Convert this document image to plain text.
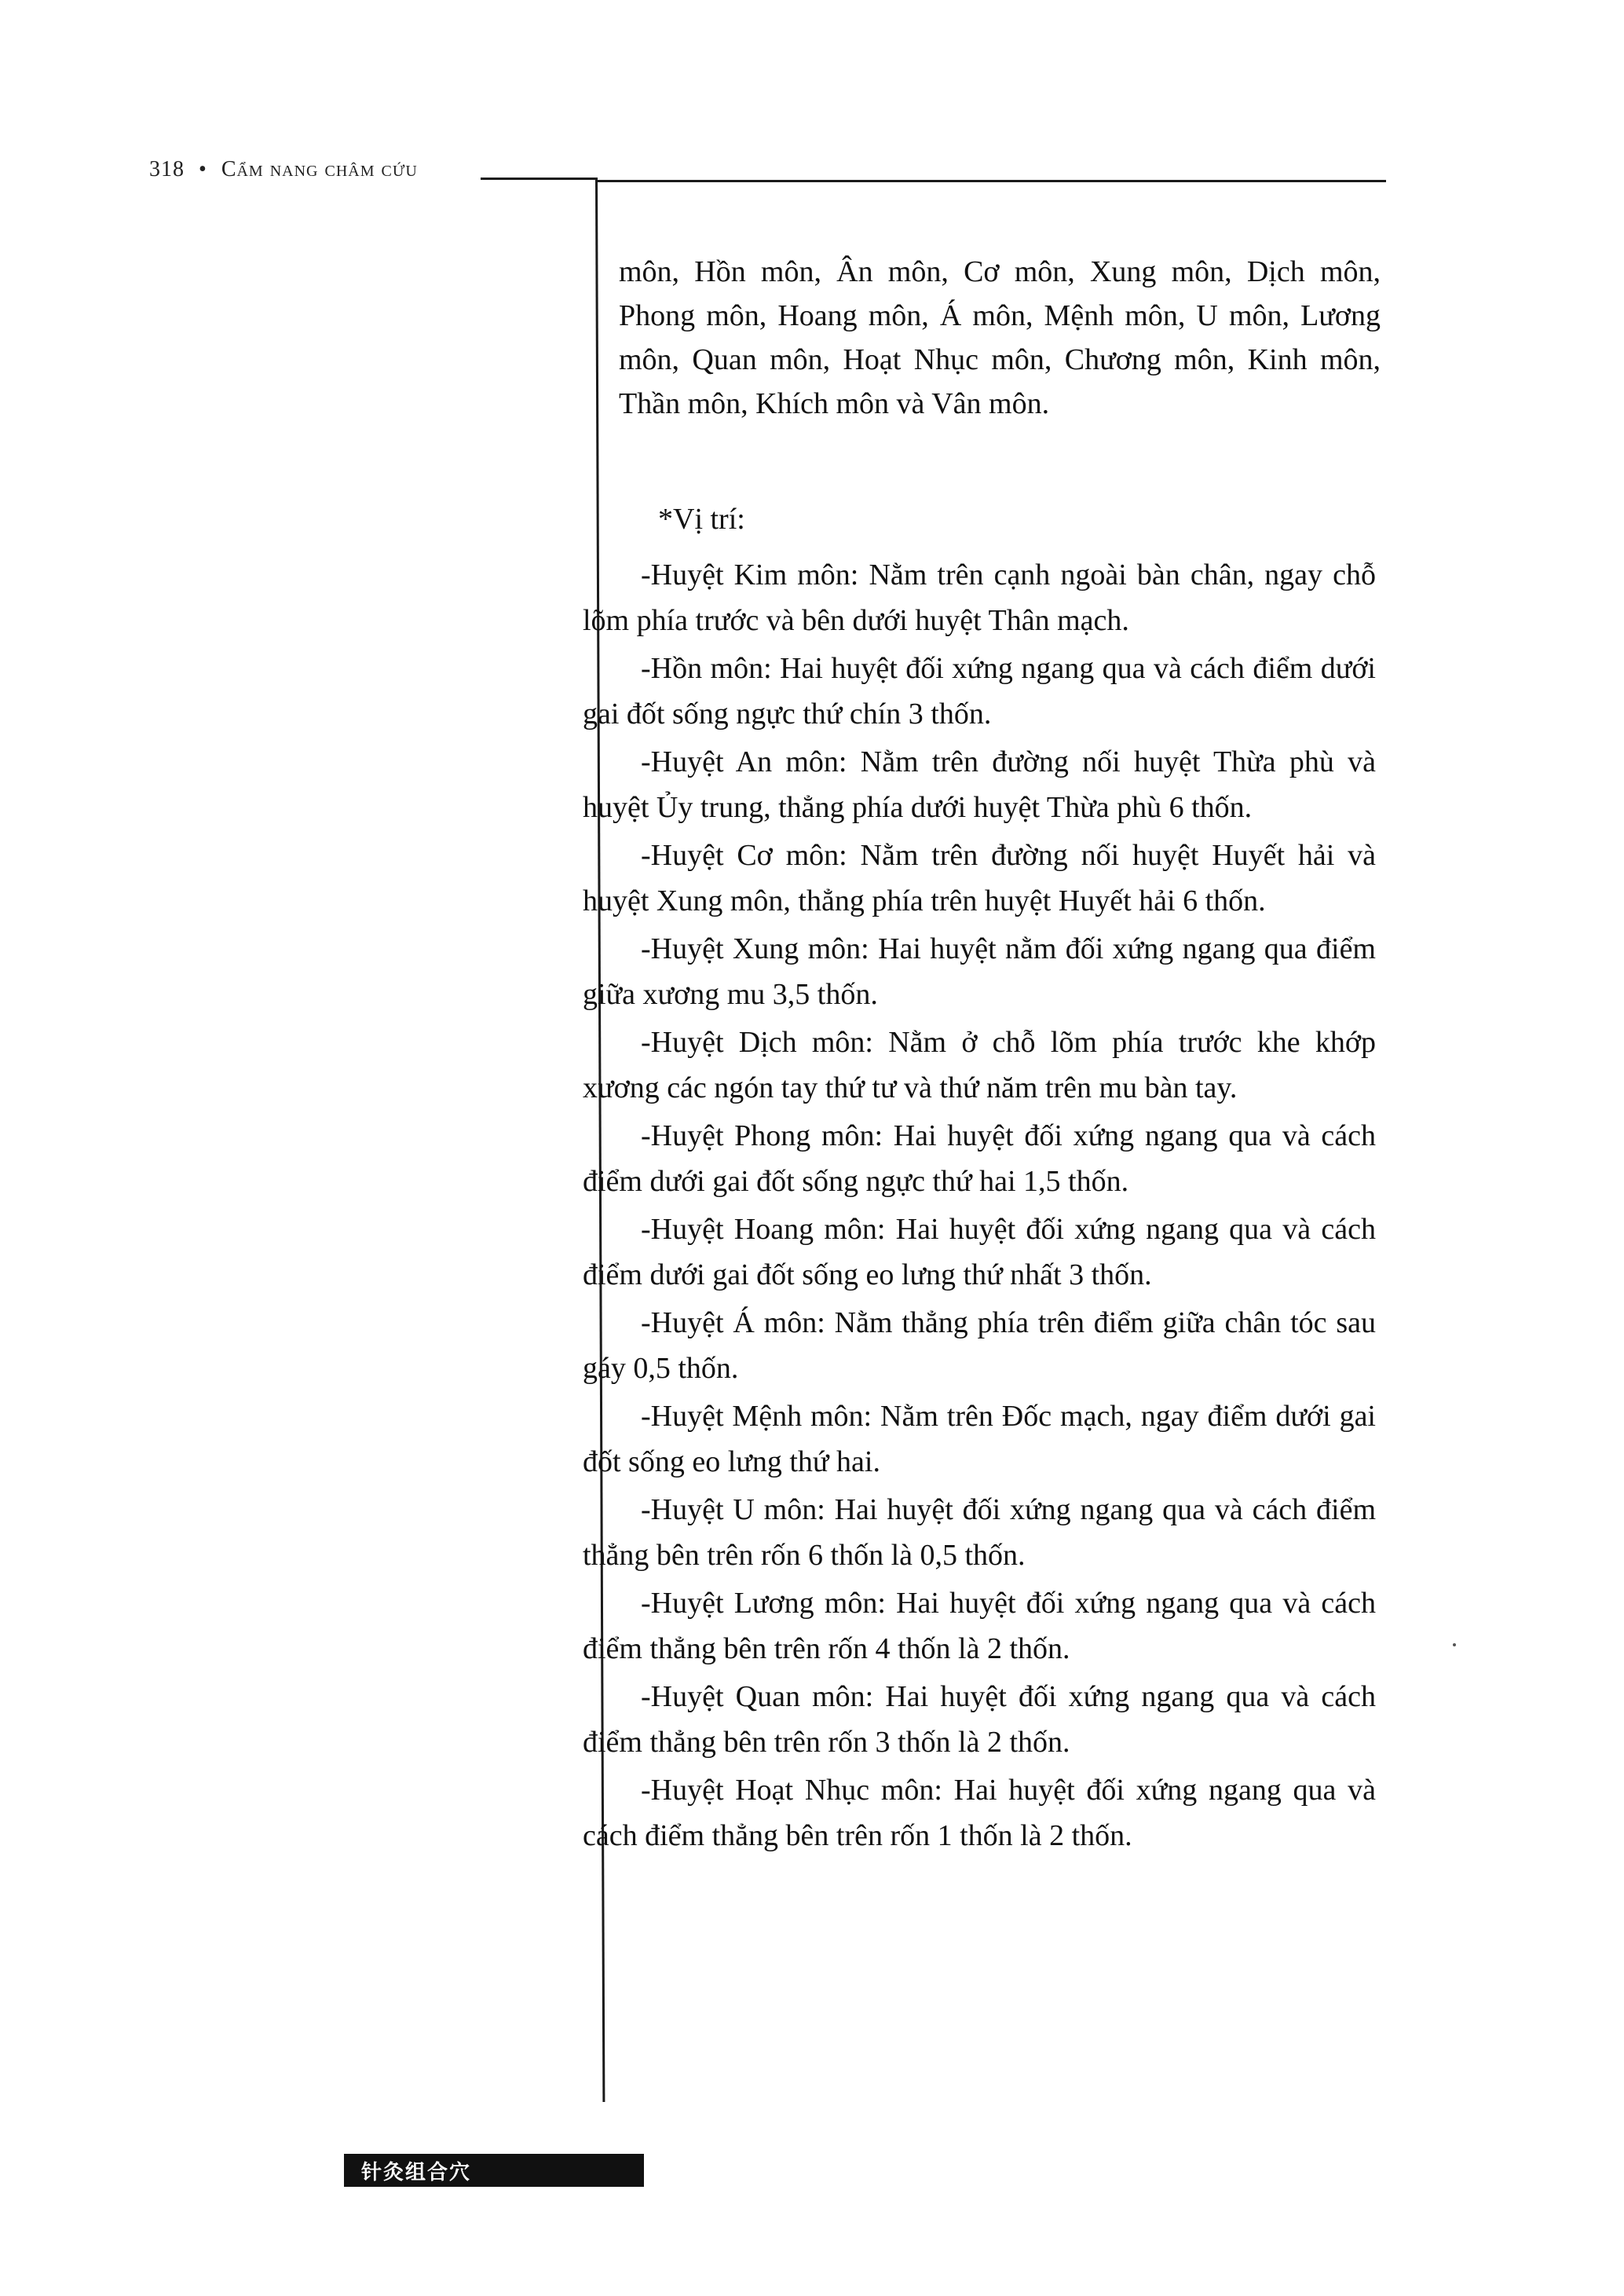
318 • Cẩm nang châm cứu
môn, Hồn môn, Ân môn, Cơ môn, Xung môn, Dịch môn, Phong môn, Hoang môn, Á môn, Mệnh môn, U môn, Lương môn, Quan môn, Hoạt Nhục môn, Chương môn, Kinh môn, Thần môn, Khích môn và Vân môn.
*Vị trí:
-Huyệt Kim môn: Nằm trên cạnh ngoài bàn chân, ngay chỗ lõm phía trước và bên dưới huyệt Thân mạch.
-Hồn môn: Hai huyệt đối xứng ngang qua và cách điểm dưới gai đốt sống ngực thứ chín 3 thốn.
-Huyệt An môn: Nằm trên đường nối huyệt Thừa phù và huyệt Ủy trung, thẳng phía dưới huyệt Thừa phù 6 thốn.
-Huyệt Cơ môn: Nằm trên đường nối huyệt Huyết hải và huyệt Xung môn, thẳng phía trên huyệt Huyết hải 6 thốn.
-Huyệt Xung môn: Hai huyệt nằm đối xứng ngang qua điểm giữa xương mu 3,5 thốn.
-Huyệt Dịch môn: Nằm ở chỗ lõm phía trước khe khớp xương các ngón tay thứ tư và thứ năm trên mu bàn tay.
-Huyệt Phong môn: Hai huyệt đối xứng ngang qua và cách điểm dưới gai đốt sống ngực thứ hai 1,5 thốn.
-Huyệt Hoang môn: Hai huyệt đối xứng ngang qua và cách điểm dưới gai đốt sống eo lưng thứ nhất 3 thốn.
-Huyệt Á môn: Nằm thẳng phía trên điểm giữa chân tóc sau gáy 0,5 thốn.
-Huyệt Mệnh môn: Nằm trên Đốc mạch, ngay điểm dưới gai đốt sống eo lưng thứ hai.
-Huyệt U môn: Hai huyệt đối xứng ngang qua và cách điểm thẳng bên trên rốn 6 thốn là 0,5 thốn.
-Huyệt Lương môn: Hai huyệt đối xứng ngang qua và cách điểm thẳng bên trên rốn 4 thốn là 2 thốn.
-Huyệt Quan môn: Hai huyệt đối xứng ngang qua và cách điểm thẳng bên trên rốn 3 thốn là 2 thốn.
-Huyệt Hoạt Nhục môn: Hai huyệt đối xứng ngang qua và cách điểm thẳng bên trên rốn 1 thốn là 2 thốn.
针灸组合穴
